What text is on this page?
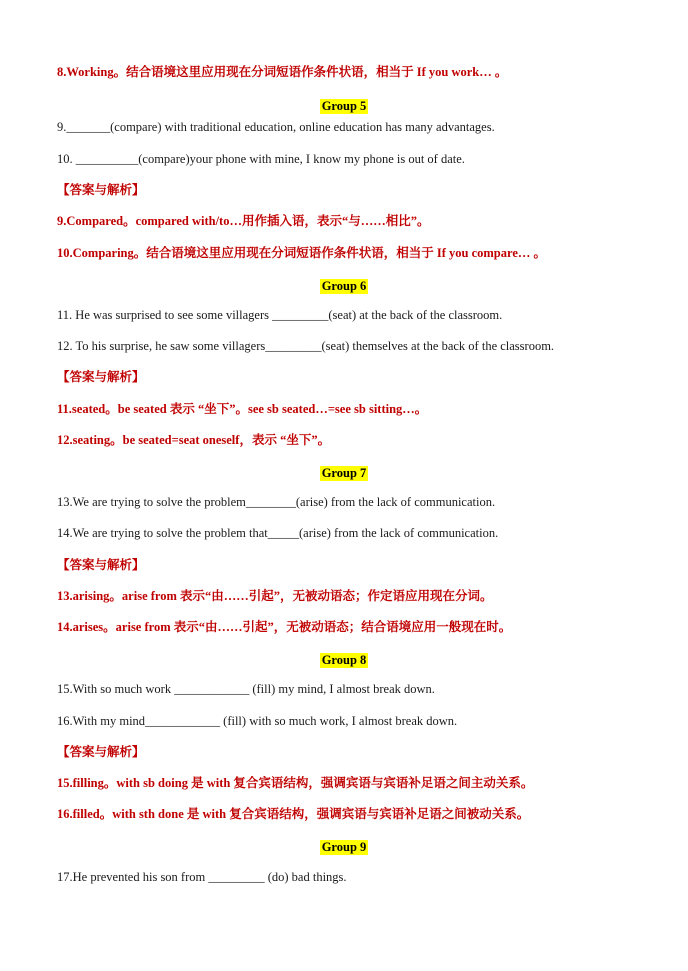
8.Working。结合语境这里应用现在分词短语作条件状语，相当于 If you work… 。
Group 5
9._______(compare) with traditional education, online education has many advantages.
10. __________(compare)your phone with mine, I know my phone is out of date.
【答案与解析】
9.Compared。compared with/to…用作插入语，表示“与……相比”。
10.Comparing。结合语境这里应用现在分词短语作条件状语，相当于 If you compare… 。
Group 6
11. He was surprised to see some villagers _________(seat) at the back of the classroom.
12. To his surprise, he saw some villagers_________(seat) themselves at the back of the classroom.
【答案与解析】
11.seated。be seated 表示 “坐下”。see sb seated…=see sb sitting…。
12.seating。be seated=seat oneself，表示 “坐下”。
Group 7
13.We are trying to solve the problem________(arise) from the lack of communication.
14.We are trying to solve the problem that_____(arise) from the lack of communication.
【答案与解析】
13.arising。arise from 表示“由……引起”，无被动语态；作定语应用现在分词。
14.arises。arise from 表示“由……引起”，无被动语态；结合语境应用一般现在时。
Group 8
15.With so much work ____________ (fill) my mind, I almost break down.
16.With my mind____________ (fill) with so much work, I almost break down.
【答案与解析】
15.filling。with sb doing 是 with 复合宾语结构，强调宾语与宾语补足语之间主动关系。
16.filled。with sth done 是 with 复合宾语结构，强调宾语与宾语补足语之间被动关系。
Group 9
17.He prevented his son from _________ (do) bad things.
